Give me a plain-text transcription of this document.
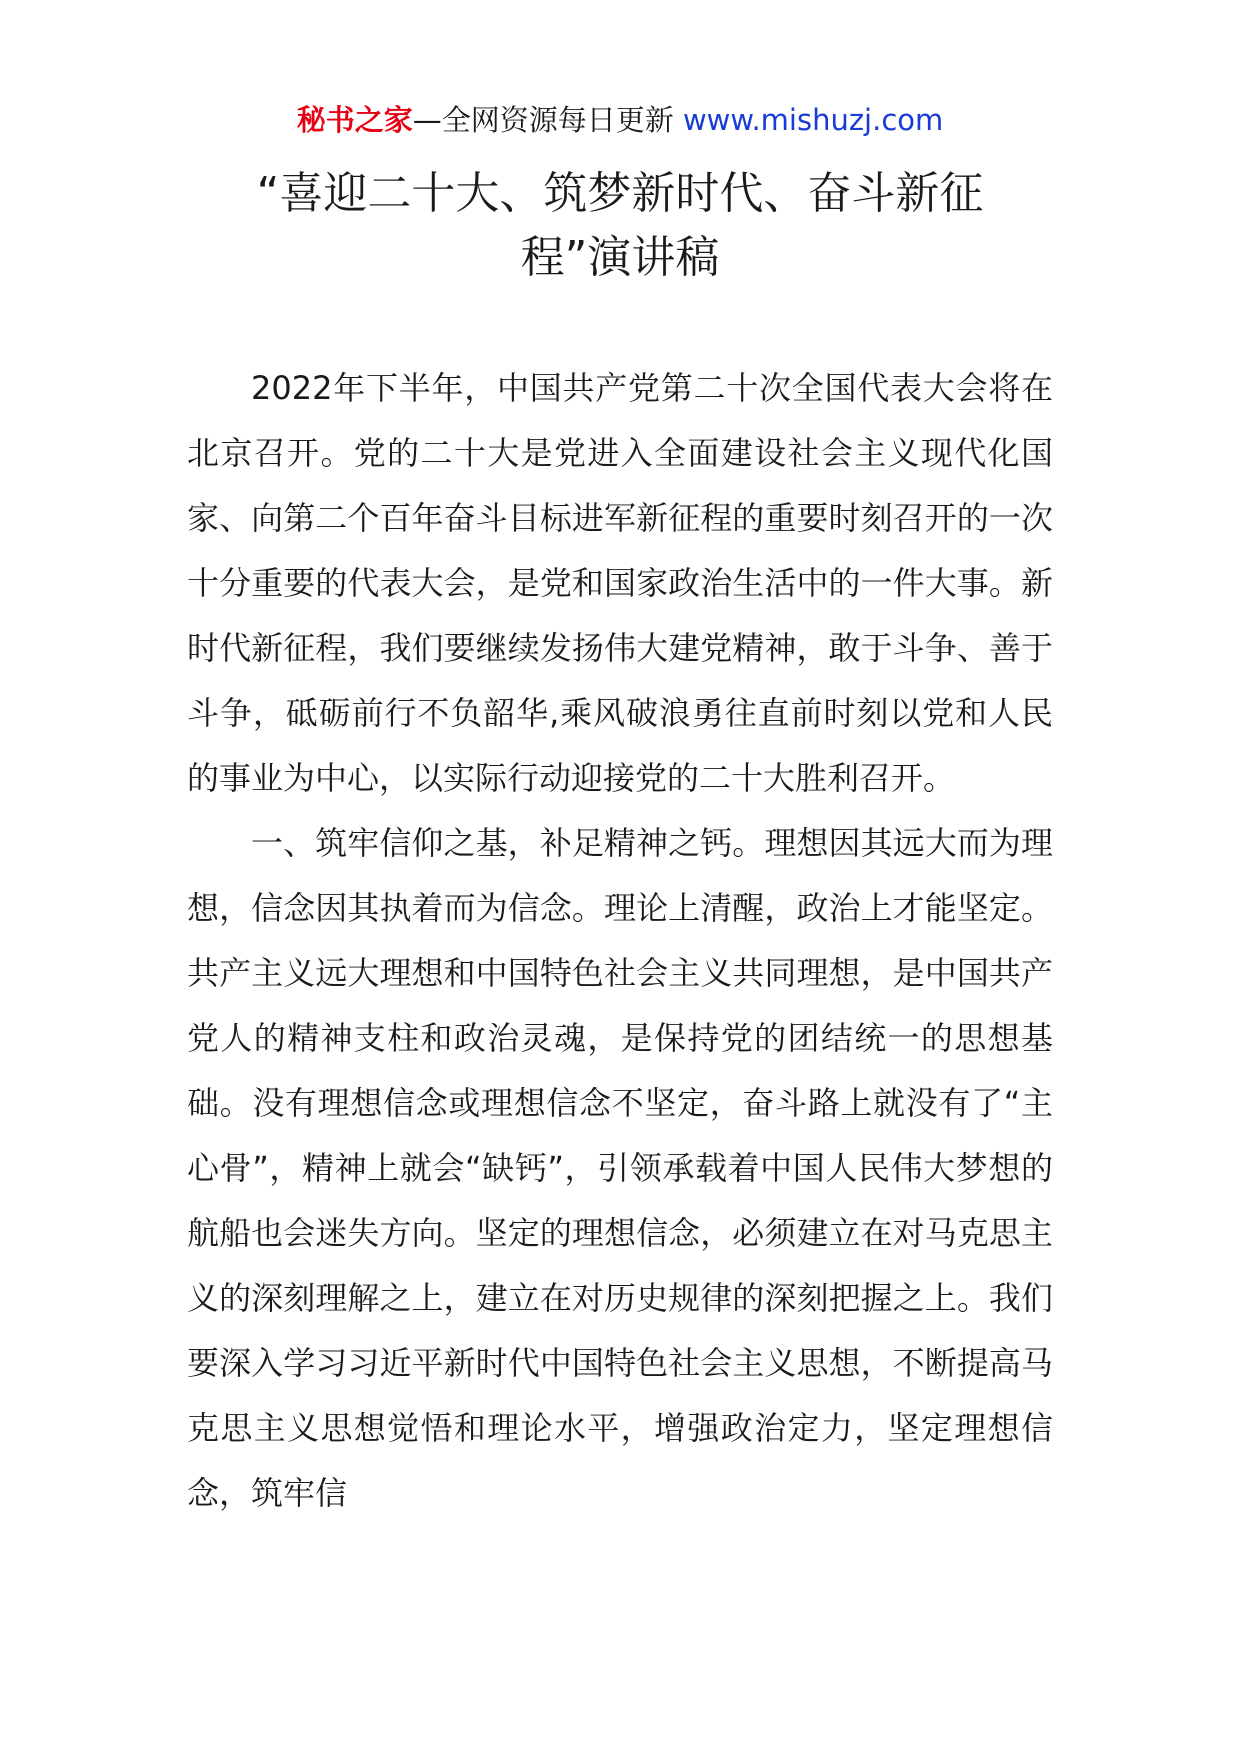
秘书之家—全网资源每日更新 www.mishuzj.com
“喜迎二十大、筑梦新时代、奋斗新征
程”演讲稿

2022年下半年，中国共产党第二十次全国代表大会将在北京召开。党的二十大是党进入全面建设社会主义现代化国家、向第二个百年奋斗目标进军新征程的重要时刻召开的一次十分重要的代表大会，是党和国家政治生活中的一件大事。新时代新征程，我们要继续发扬伟大建党精神，敢于斗争、善于斗争，砥砺前行不负韶华,乘风破浪勇往直前时刻以党和人民的事业为中心，以实际行动迎接党的二十大胜利召开。

一、筑牢信仰之基，补足精神之钙。理想因其远大而为理想，信念因其执着而为信念。理论上清醒，政治上才能坚定。共产主义远大理想和中国特色社会主义共同理想，是中国共产党人的精神支柱和政治灵魂，是保持党的团结统一的思想基础。没有理想信念或理想信念不坚定，奋斗路上就没有了“主心骨”，精神上就会“缺钙”，引领承载着中国人民伟大梦想的航船也会迷失方向。坚定的理想信念，必须建立在对马克思主义的深刻理解之上，建立在对历史规律的深刻把握之上。我们要深入学习习近平新时代中国特色社会主义思想，不断提高马克思主义思想觉悟和理论水平，增强政治定力，坚定理想信念，筑牢信
